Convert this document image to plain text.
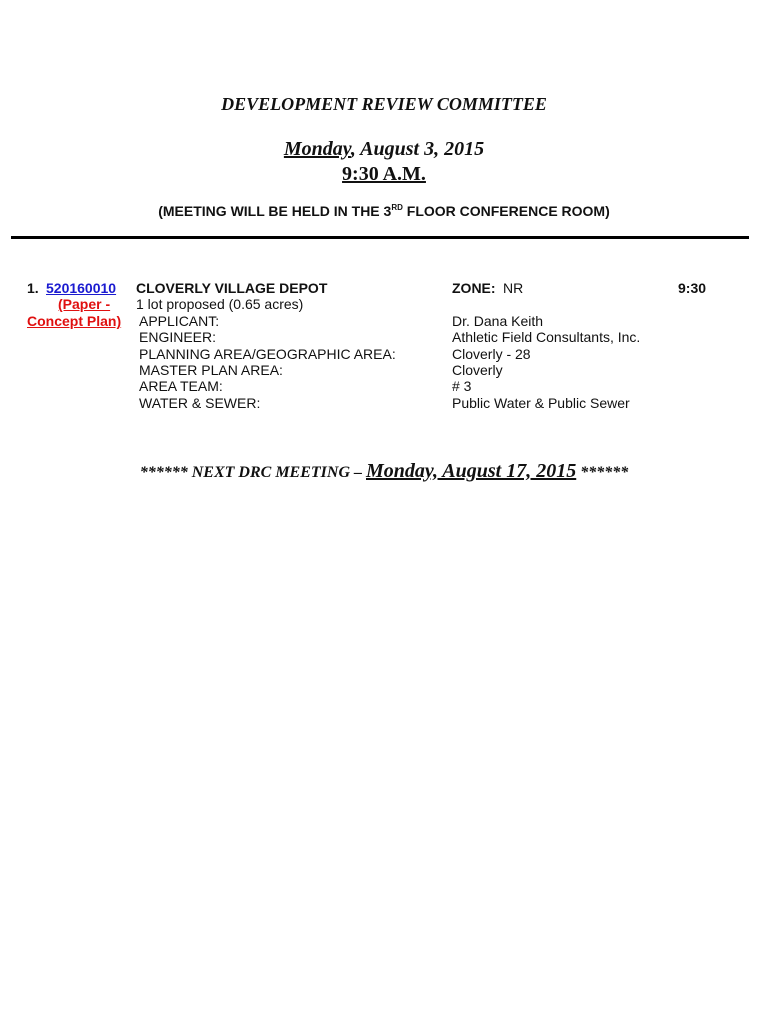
DEVELOPMENT REVIEW COMMITTEE
Monday, August 3, 2015
9:30 A.M.
(MEETING WILL BE HELD IN THE 3RD FLOOR CONFERENCE ROOM)
1. 520160010
(Paper -
Concept Plan)
CLOVERLY VILLAGE DEPOT
1 lot proposed (0.65 acres)
ZONE: NR	9:30
APPLICANT:	Dr. Dana Keith
ENGINEER:	Athletic Field Consultants, Inc.
PLANNING AREA/GEOGRAPHIC AREA:	Cloverly - 28
MASTER PLAN AREA:	Cloverly
AREA TEAM:	# 3
WATER & SEWER:	Public Water & Public Sewer
****** NEXT DRC MEETING – Monday, August 17, 2015 ******
